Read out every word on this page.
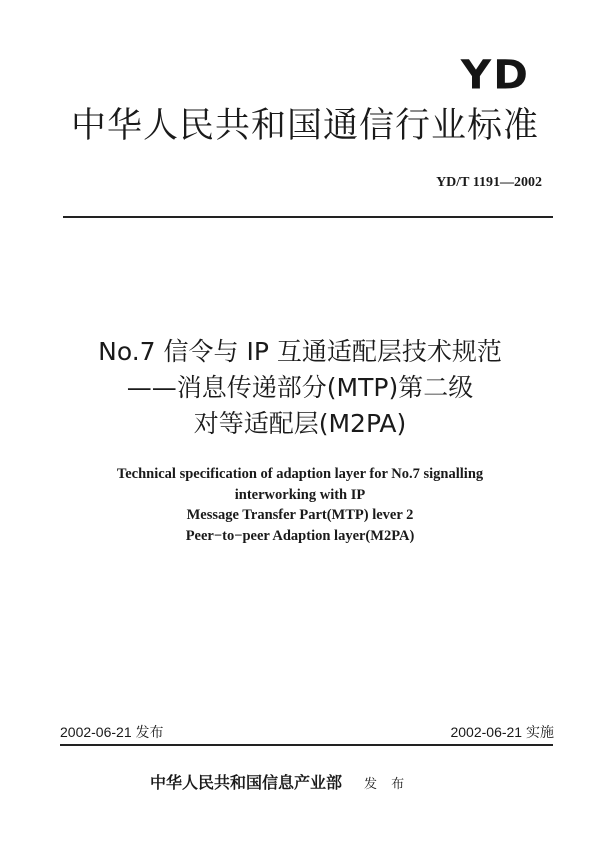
YD
中华人民共和国通信行业标准
YD/T 1191—2002
No.7 信令与 IP 互通适配层技术规范
——消息传递部分(MTP)第二级
对等适配层(M2PA)
Technical specification of adaption layer for No.7 signalling
interworking with IP
Message Transfer Part(MTP) lever 2
Peer−to−peer Adaption layer(M2PA)
2002-06-21 发布	2002-06-21 实施
中华人民共和国信息产业部 发 布
